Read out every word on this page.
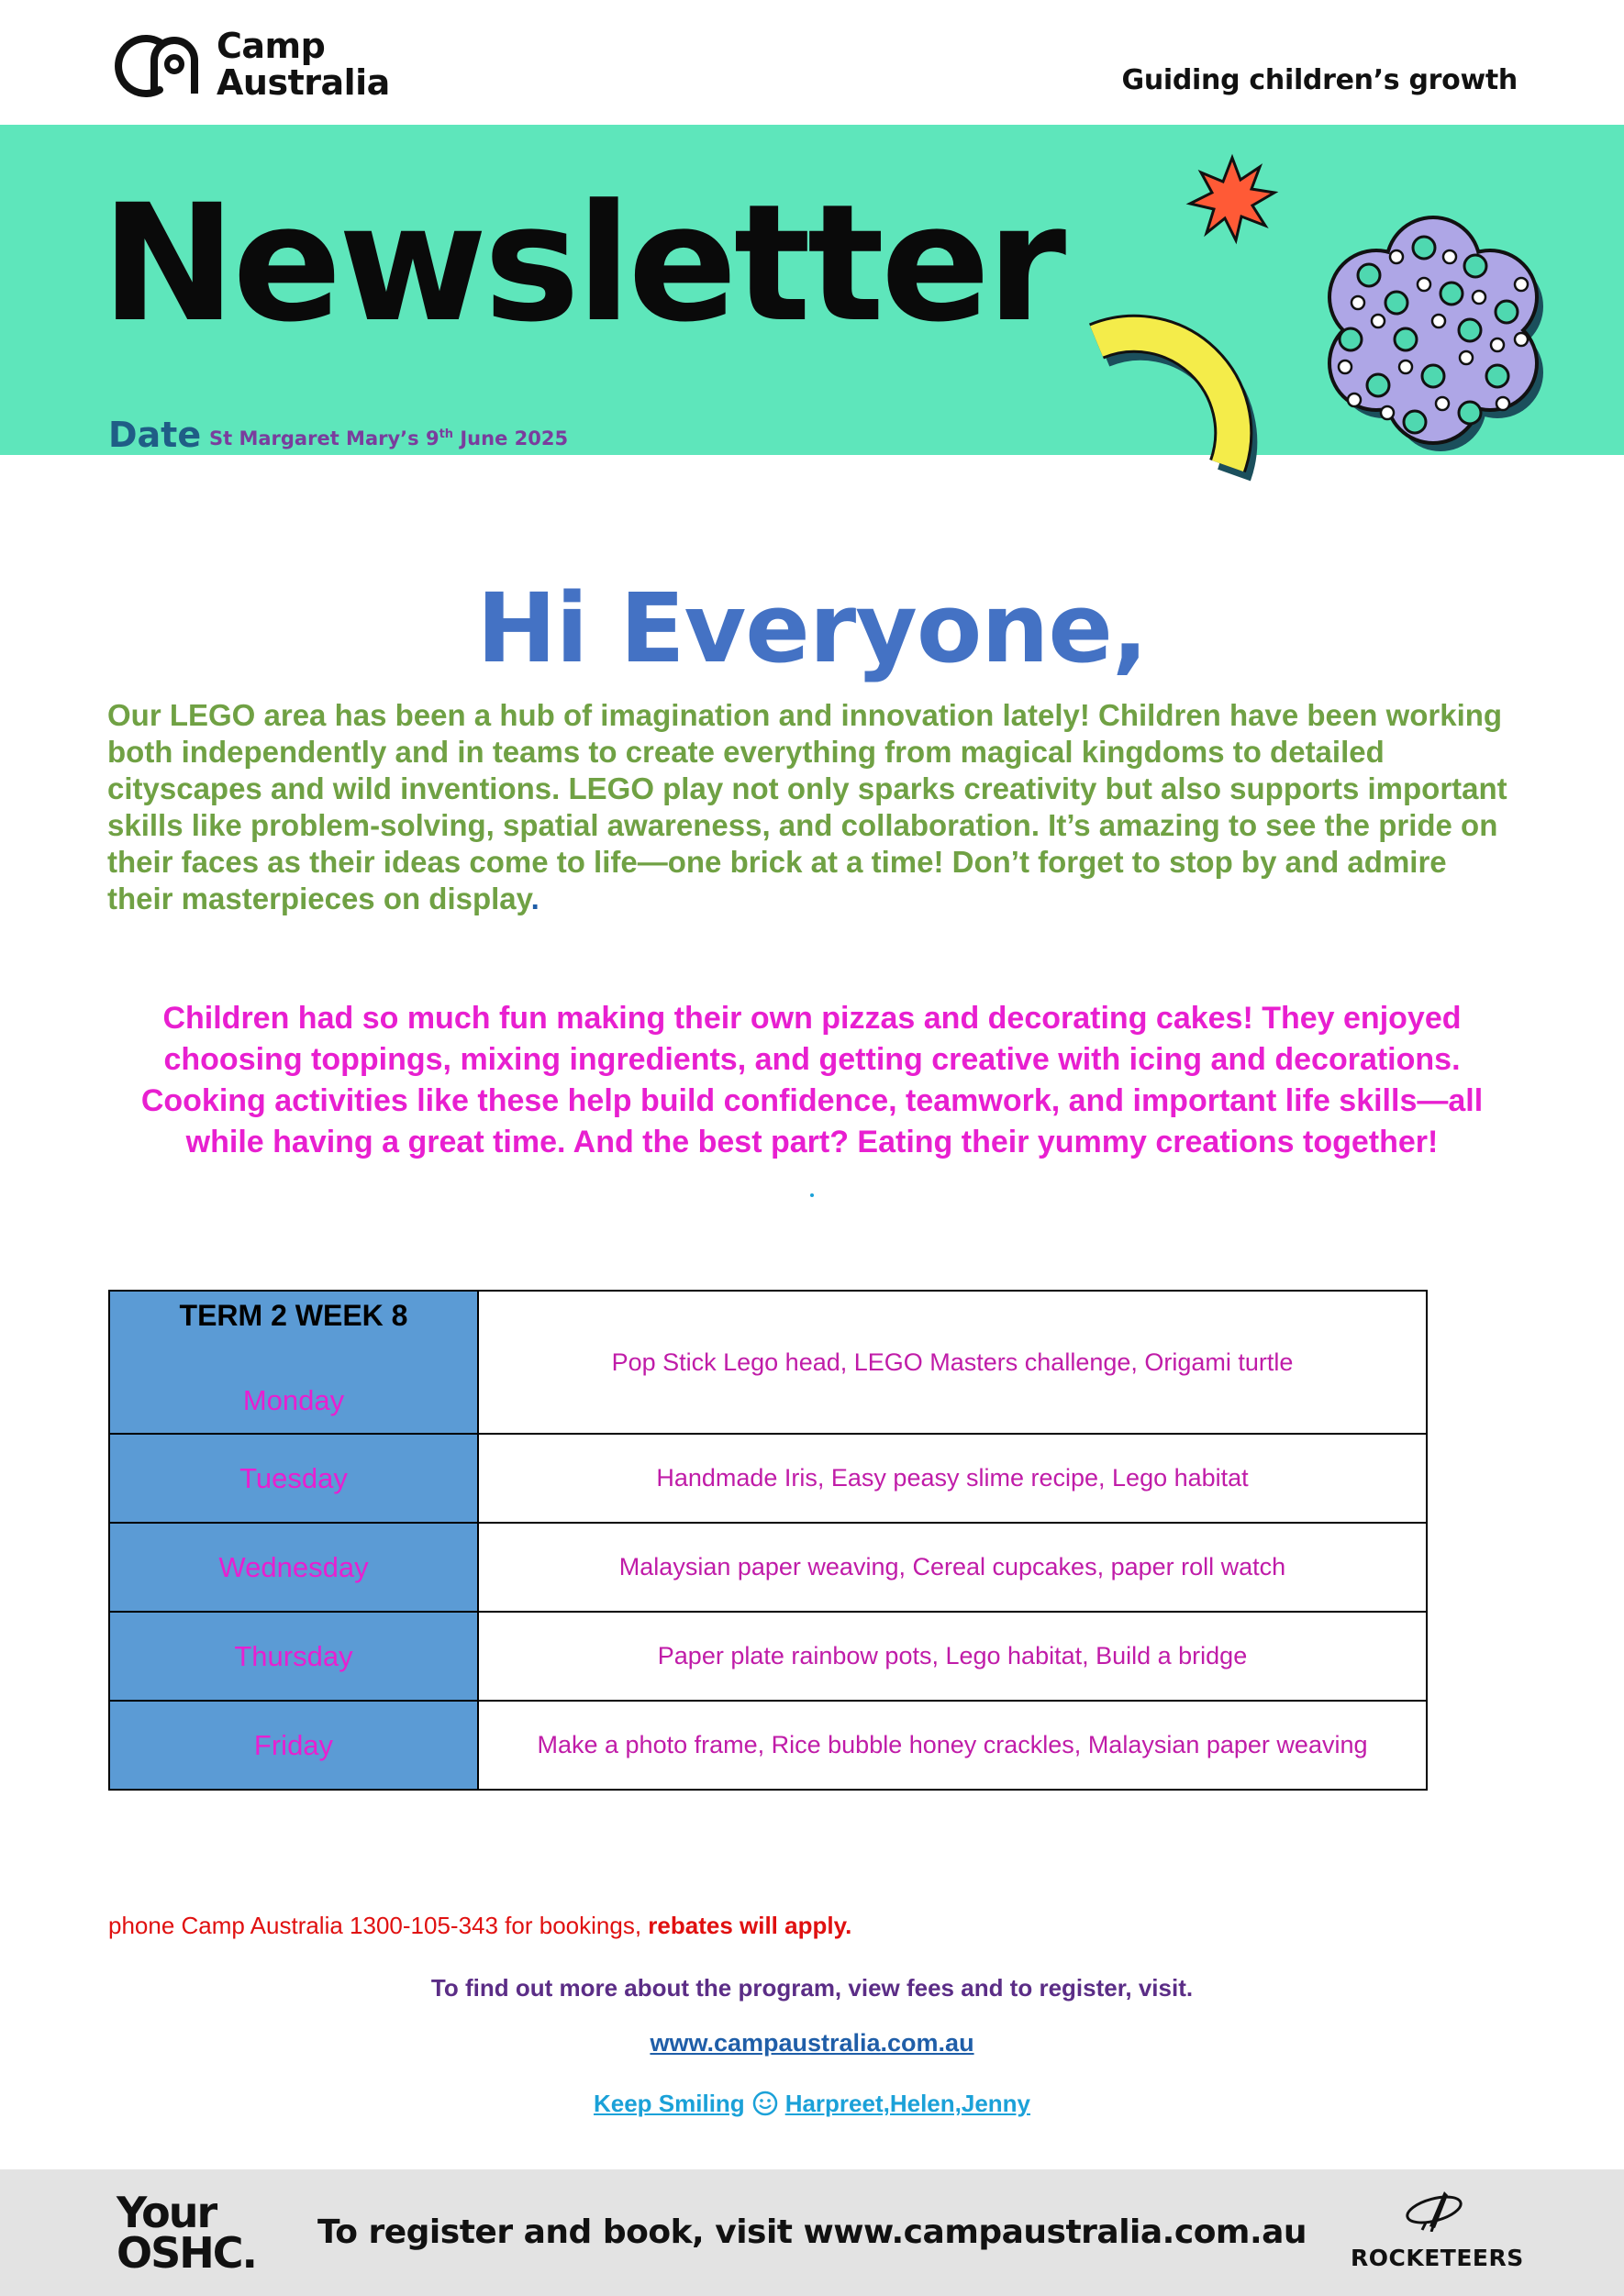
Camp
Australia	Guiding children’s growth
Newsletter
Date St Margaret Mary’s 9th June 2025
Hi Everyone,
Our LEGO area has been a hub of imagination and innovation lately! Children have been working both independently and in teams to create everything from magical kingdoms to detailed cityscapes and wild inventions. LEGO play not only sparks creativity but also supports important skills like problem-solving, spatial awareness, and collaboration. It’s amazing to see the pride on their faces as their ideas come to life—one brick at a time! Don’t forget to stop by and admire their masterpieces on display.
Children had so much fun making their own pizzas and decorating cakes! They enjoyed choosing toppings, mixing ingredients, and getting creative with icing and decorations. Cooking activities like these help build confidence, teamwork, and important life skills—all while having a great time. And the best part? Eating their yummy creations together!
TERM 2 WEEK 8
Monday	Pop Stick Lego head, LEGO Masters challenge, Origami turtle
Tuesday	Handmade Iris, Easy peasy slime recipe, Lego habitat
Wednesday	Malaysian paper weaving, Cereal cupcakes, paper roll watch
Thursday	Paper plate rainbow pots, Lego habitat, Build a bridge
Friday	Make a photo frame, Rice bubble honey crackles, Malaysian paper weaving
phone Camp Australia 1300-105-343 for bookings, rebates will apply.
To find out more about the program, view fees and to register, visit.
www.campaustralia.com.au
Keep Smiling Harpreet,Helen,Jenny
Your
OSHC.	To register and book, visit www.campaustralia.com.au
ROCKETEERS
